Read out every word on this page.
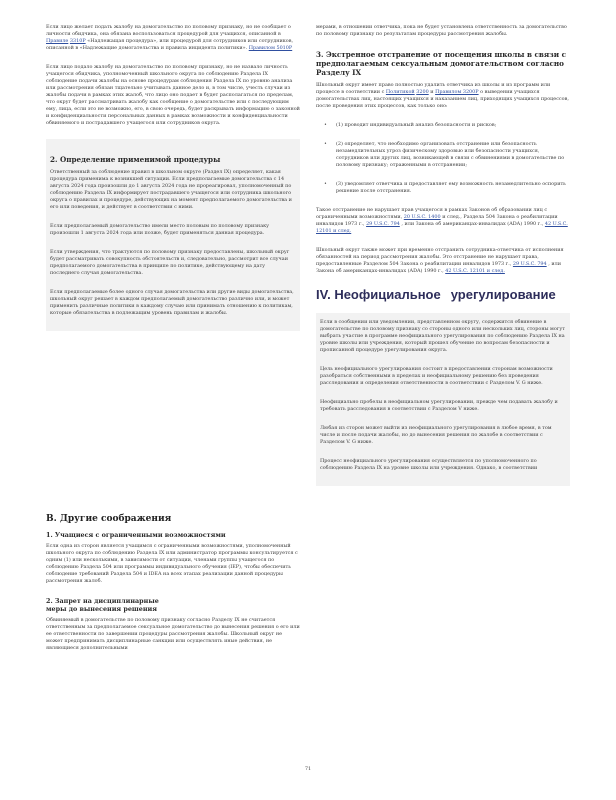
Если лицо желает подать жалобу на домогательство по половому признаку, но не сообщает о личности обидчика, она обязана воспользоваться процедурой для учащихся, описанной в  Правиле 3310P «Надлежащая процедура», или процедурой для сотрудников или сотрудников, описанной в «Надлежащие домогательства и правила инцидента политики». Правилом 5010P

Если лицо подало жалобу на домогательство по половому признаку, но не назвало личность учащегося обидчика, уполномоченный школьного округа по соблюдению Раздела IX соблюдение подачи жалобы на основе процедурам соблюдения Раздела IX по уровню анализа или рассмотрения обязан тщательно учитывать данное дело и, в том числе, учесть случаи из жалобы подачи в рамках этих жалоб, что лицо оно подает в будет располагаться по пределам, что округ будет рассматривать жалобу как сообщение о домогательстве или с последующим ему, лица, если это не возможно, его, в свою очередь, будет раскрывать информацию о законной и конфиденциальности персональных данных в рамках возможности и конфиденциальности обвиняемого и пострадавшего учащегося или сотрудников округа.

2. Определение применимой процедуры

Ответственный за соблюдение правил в школьном округе (Раздел IX) определяет, какая процедура применима к возникшей ситуации. Если предполагаемые домогательства с 14 августа 2024 года произошли до 1 августа 2024 года не прореагировал, уполномоченный по соблюдению Раздела IX информирует пострадавшего учащегося или сотрудника школьного округа о правилах и процедуре, действующих на момент предполагаемого домогательства и его или поведения, и действует в соответствии с ними.

Если предполагаемый домогательство имели место половым по половому признаку произошли 1 августа 2024 года или позже, будет применяться данная процедура.

Если утверждения, что трактуются по половому признаку предоставлены, школьный округ будет рассматривать совокупность обстоятельств и, следовательно, рассмотрит все случаи предполагаемого домогательства в принципе по политике, действующему на дату последнего случая домогательства.

Если предполагаемые более одного случая домогательства или другие виды домогательства, школьный округ решает в каждом предполагаемый домогательство различно или, и может применить различные политики в каждому случаю или принимать отношению к политикам, которые обязательства в подлежащим уровень правилам и жалобы.

В. Другие соображения
1. Учащиеся с ограниченными возможностями

Если одна из сторон является учащимся с ограниченными возможностями, уполномоченный школьного округа по соблюдению Раздела IX или администратор программы консультируется с одним (1) или несколькими, в зависимости от ситуации, членами группы учащегося по соблюдению Раздела 504 или программы индивидуального обучения (IEP), чтобы обеспечить соблюдение требований Раздела 504 и IDEA на всех этапах реализации данной процедуры рассмотрения жалоб.

2. Запрет на дисциплинарные
меры до вынесения решения

Обвиняемый в домогательстве по половому признаку согласно Разделу IX не считается ответственным за предполагаемое сексуальное домогательство до вынесения решения о его или ее ответственности по завершении процедуры рассмотрения жалобы. Школьный округ не может предпринимать дисциплинарные санкции или осуществлять иные действия, не являющиеся дополнительными

мерами, в отношении ответчика, пока не будет установлена ответственность за домогательство по половому признаку по результатам процедуры рассмотрения жалобы.

3. Экстренное отстранение от посещения школы в связи с предполагаемым сексуальным домогательством согласно Разделу IX

Школьный округ имеет право полностью удалить ответчика из школы и из программ или процессе в соответствии с Политикой 3200 и Правилом 3200P о выведении учащихся домогательствах лиц, настоящих учащихся и наказанием лиц, приходящих учащихся процессов, после проведения этих процессов, как только оно:

• (1) проводит индивидуальный анализ безопасности и рисков;
• (2) определяет, что необходимо организовать отстранение или безопасность незамедлительных угроз физическому здоровью или безопасности учащихся, сотрудников или других лиц, возникающей в связи с обвинениями в домогательстве по половому признаку; отраженными в отстранении;
• (3) уведомляет ответчика и предоставляет ему возможность незамедлительно оспорить решение после отстранения.

Такое отстранение не нарушает прав учащегося в рамках Законов об образовании лиц с ограниченными возможностями, 20 U.S.C. 1400 и след., Раздела 504 Закона о реабилитации инвалидов 1973 г., 29 U.S.C. 794 , или Закона об американцах-инвалидах (ADA) 1990 г., 42 U.S.C. 12101 и след.

Школьный округ также может при временно отстранить сотрудника-ответчика от исполнения обязанностей на период рассмотрения жалобы. Это отстранение не нарушает права, предоставленные Разделом 504 Закона о реабилитации инвалидов 1973 г., 29 U.S.C. 794 , или Закона об американцах-инвалидах (ADA) 1990 г., 42 U.S.C. 12101 и след.

IV. Неофициальное урегулирование

Если в сообщении или уведомлении, представленном округу, содержится обвинение в домогательстве по половому признаку со стороны одного или нескольких лиц, стороны могут выбрать участие в программе неофициального урегулирования по соблюдению Раздела IX на уровне школы или учреждения, который прошел обучение по вопросам безопасности и прописанной процедуре урегулирования округа.

Цель неофициального урегулирования состоит в предоставлении сторонам возможности разобраться собственными в пределах и неофициальному решению без проведения расследования и определения ответственности в соответствии с Разделом V. G ниже.

Неофициально пробелы в неофициальном урегулировании, прежде чем подавать жалобу и требовать расследования в соответствии с Разделом V ниже.

Любая из сторон может выйти из неофициального урегулирования в любое время, в том числе и после подачи жалобы, но до вынесения решения по жалобе в соответствии с Разделом V. G ниже.

Процесс неофициального урегулирования осуществляется по уполномоченного по соблюдению Раздела IX на уровне школы или учреждения. Однако, в соответствии

71
